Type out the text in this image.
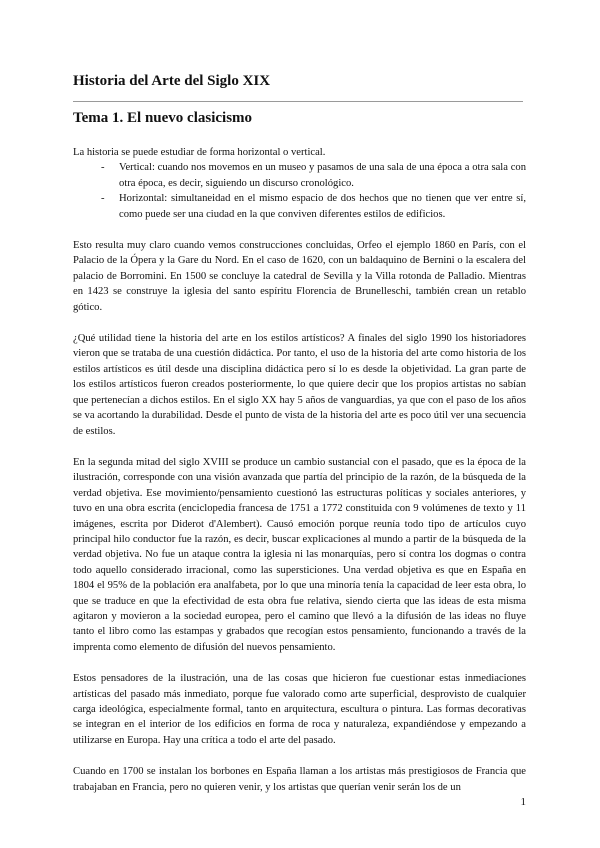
Historia del Arte del Siglo XIX
Tema 1. El nuevo clasicismo

La historia se puede estudiar de forma horizontal o vertical.

- Vertical: cuando nos movemos en un museo y pasamos de una sala de una época a otra sala con otra época, es decir, siguiendo un discurso cronológico.
- Horizontal: simultaneidad en el mismo espacio de dos hechos que no tienen que ver entre sí, como puede ser una ciudad en la que conviven diferentes estilos de edificios.

Esto resulta muy claro cuando vemos construcciones concluidas, Orfeo el ejemplo 1860 en París, con el Palacio de la Ópera y la Gare du Nord. En el caso de 1620, con un baldaquino de Bernini o la escalera del palacio de Borromini. En 1500 se concluye la catedral de Sevilla y la Villa rotonda de Palladio. Mientras en 1423 se construye la iglesia del santo espíritu Florencia de Brunelleschi, también crean un retablo gótico.

¿Qué utilidad tiene la historia del arte en los estilos artísticos? A finales del siglo 1990 los historiadores vieron que se trataba de una cuestión didáctica. Por tanto, el uso de la historia del arte como historia de los estilos artísticos es útil desde una disciplina didáctica pero sí lo es desde la objetividad. La gran parte de los estilos artísticos fueron creados posteriormente, lo que quiere decir que los propios artistas no sabían que pertenecían a dichos estilos. En el siglo XX hay 5 años de vanguardias, ya que con el paso de los años se va acortando la durabilidad. Desde el punto de vista de la historia del arte es poco útil ver una secuencia de estilos.

En la segunda mitad del siglo XVIII se produce un cambio sustancial con el pasado, que es la época de la ilustración, corresponde con una visión avanzada que partía del principio de la razón, de la búsqueda de la verdad objetiva. Ese movimiento/pensamiento cuestionó las estructuras políticas y sociales anteriores, y tuvo en una obra escrita (enciclopedia francesa de 1751 a 1772 constituida con 9 volúmenes de texto y 11 imágenes, escrita por Diderot d'Alembert). Causó emoción porque reunía todo tipo de artículos cuyo principal hilo conductor fue la razón, es decir, buscar explicaciones al mundo a partir de la búsqueda de la verdad objetiva. No fue un ataque contra la iglesia ni las monarquías, pero sí contra los dogmas o contra todo aquello considerado irracional, como las supersticiones. Una verdad objetiva es que en España en 1804 el 95% de la población era analfabeta, por lo que una minoría tenía la capacidad de leer esta obra, lo que se traduce en que la efectividad de esta obra fue relativa, siendo cierta que las ideas de esta misma agitaron y movieron a la sociedad europea, pero el camino que llevó a la difusión de las ideas no fluye tanto el libro como las estampas y grabados que recogían estos pensamiento, funcionando a través de la imprenta como elemento de difusión del nuevos pensamiento.

Estos pensadores de la ilustración, una de las cosas que hicieron fue cuestionar estas inmediaciones artísticas del pasado más inmediato, porque fue valorado como arte superficial, desprovisto de cualquier carga ideológica, especialmente formal, tanto en arquitectura, escultura o pintura. Las formas decorativas se integran en el interior de los edificios en forma de roca y naturaleza, expandiéndose y empezando a utilizarse en Europa. Hay una crítica a todo el arte del pasado.

Cuando en 1700 se instalan los borbones en España llaman a los artistas más prestigiosos de Francia que trabajaban en Francia, pero no quieren venir, y los artistas que querían venir serán los de un

1
